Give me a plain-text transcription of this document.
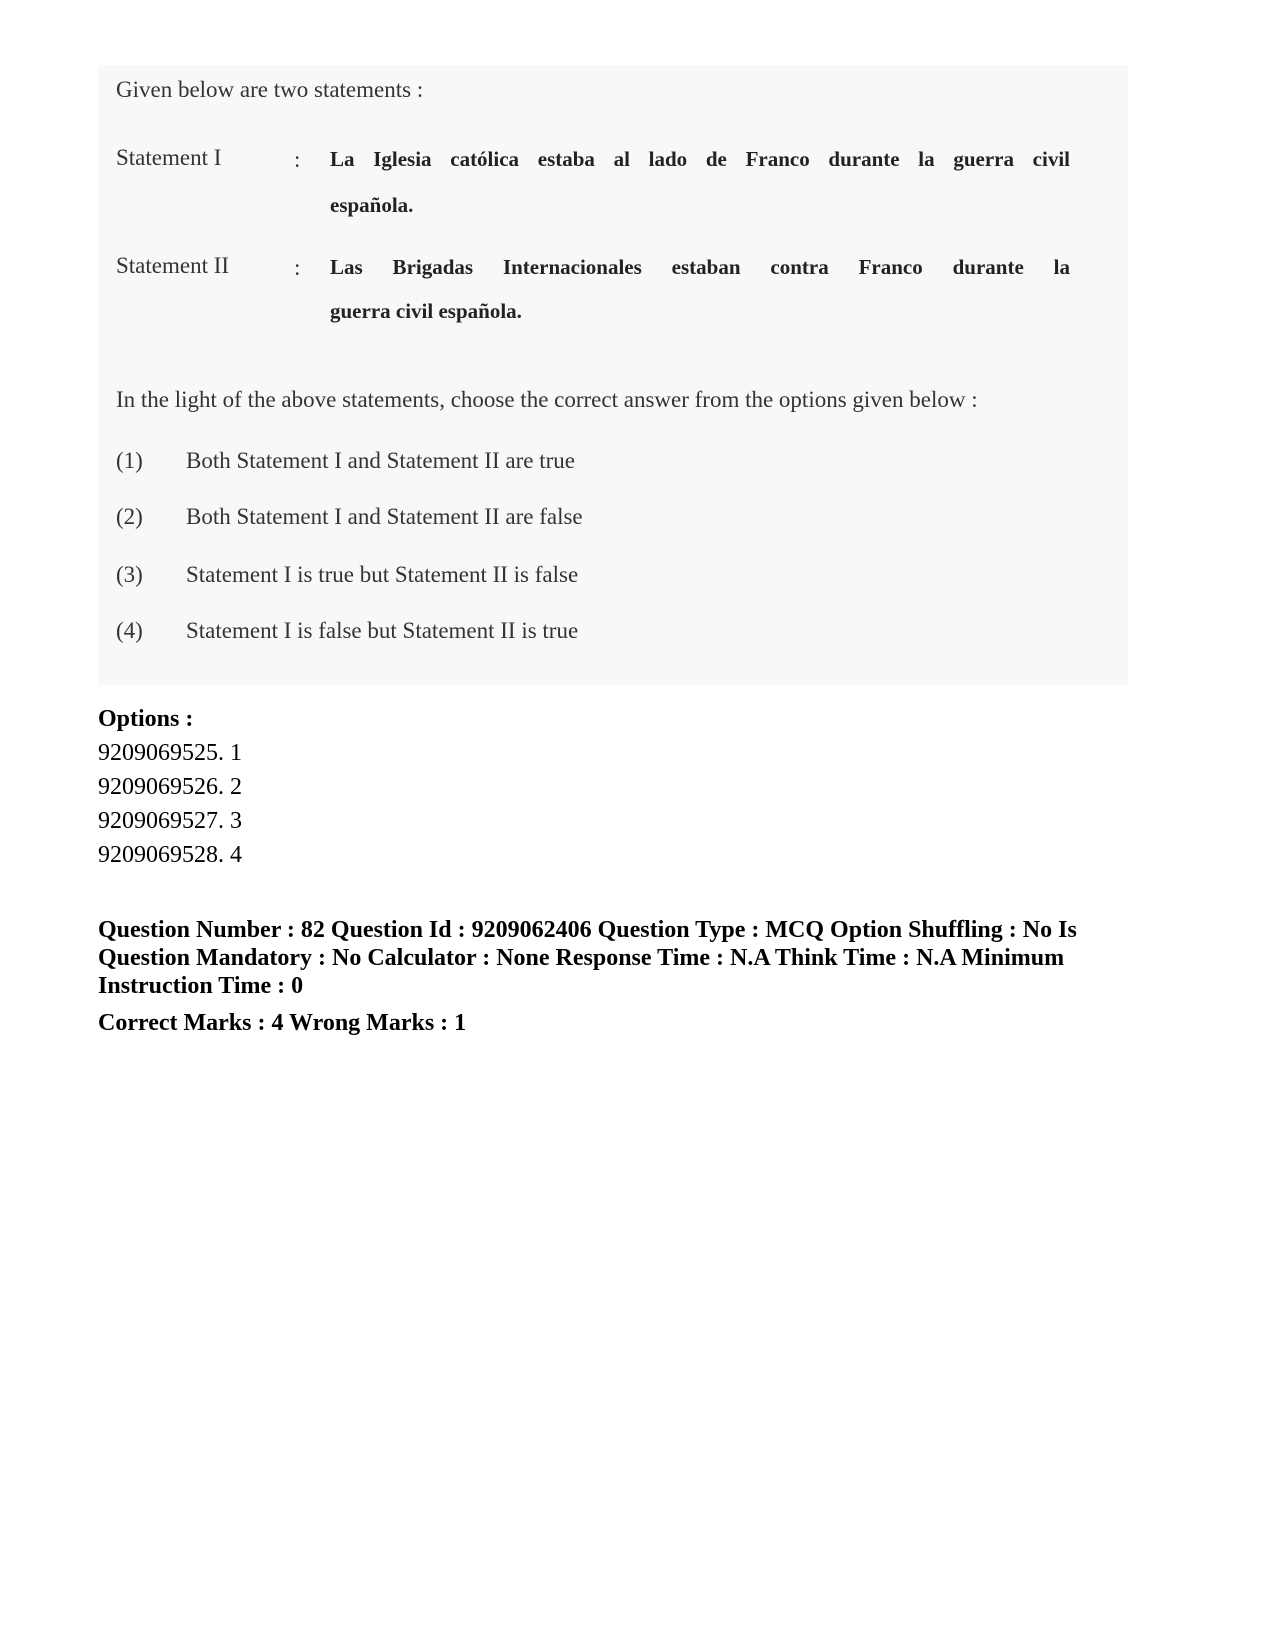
Given below are two statements :
Statement I	: La Iglesia católica estaba al lado de Franco durante la guerra civil
española.
Statement II	: Las Brigadas Internacionales estaban contra Franco durante la
guerra civil española.
In the light of the above statements, choose the correct answer from the options given below :
(1) Both Statement I and Statement II are true
(2) Both Statement I and Statement II are false
(3) Statement I is true but Statement II is false
(4) Statement I is false but Statement II is true
Options :
9209069525. 1
9209069526. 2
9209069527. 3
9209069528. 4
Question Number : 82 Question Id : 9209062406 Question Type : MCQ Option Shuffling : No Is Question Mandatory : No Calculator : None Response Time : N.A Think Time : N.A Minimum Instruction Time : 0
Correct Marks : 4 Wrong Marks : 1
